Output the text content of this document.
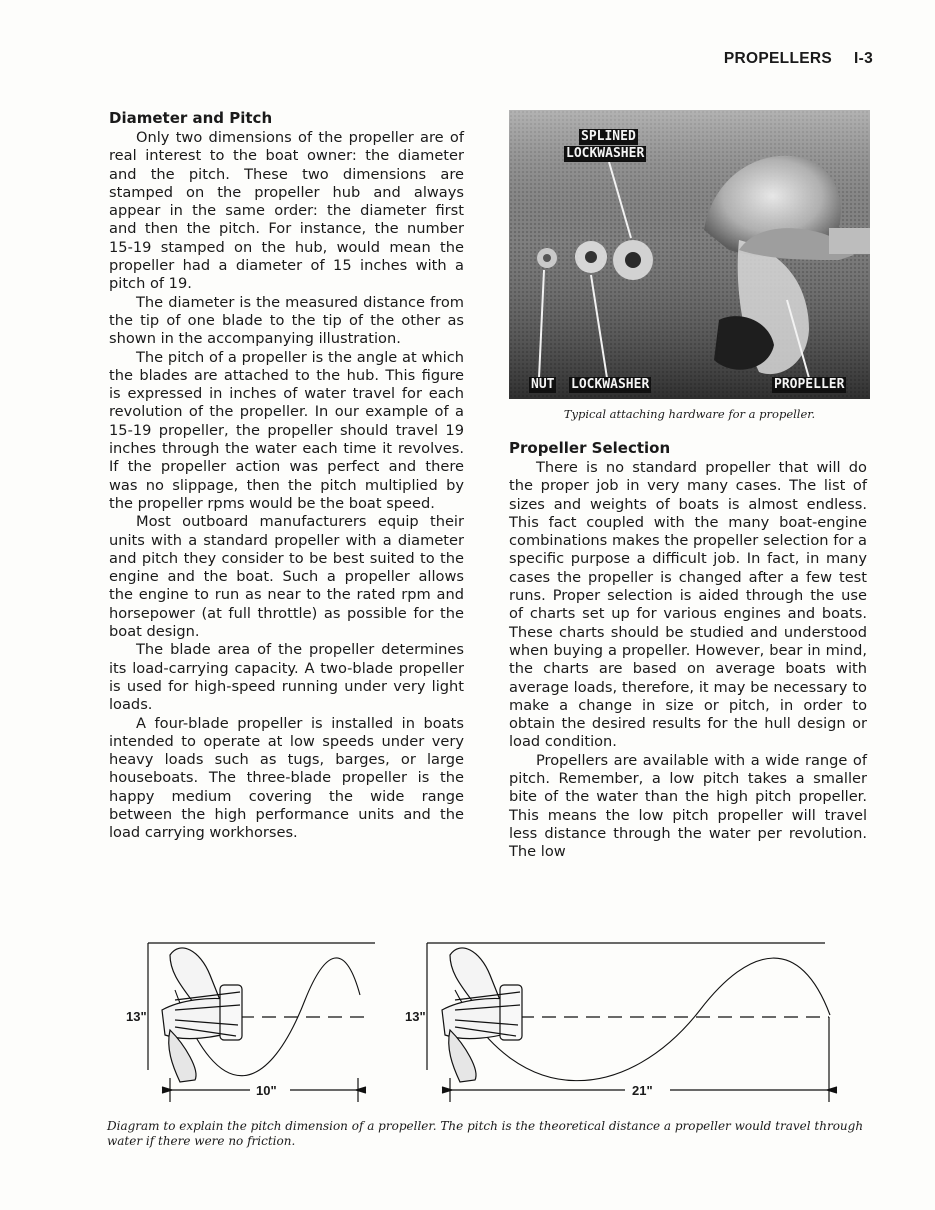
PROPELLERS I-3
Diameter and Pitch

Only two dimensions of the propeller are of real interest to the boat owner: the diameter and the pitch. These two dimensions are stamped on the propeller hub and always appear in the same order: the diameter first and then the pitch. For instance, the number 15-19 stamped on the hub, would mean the propeller had a diameter of 15 inches with a pitch of 19.

The diameter is the measured distance from the tip of one blade to the tip of the other as shown in the accompanying illustration.

The pitch of a propeller is the angle at which the blades are attached to the hub. This figure is expressed in inches of water travel for each revolution of the propeller. In our example of a 15-19 propeller, the propeller should travel 19 inches through the water each time it revolves. If the propeller action was perfect and there was no slippage, then the pitch multiplied by the propeller rpms would be the boat speed.

Most outboard manufacturers equip their units with a standard propeller with a diameter and pitch they consider to be best suited to the engine and the boat. Such a propeller allows the engine to run as near to the rated rpm and horsepower (at full throttle) as possible for the boat design.

The blade area of the propeller determines its load-carrying capacity. A two-blade propeller is used for high-speed running under very light loads.

A four-blade propeller is installed in boats intended to operate at low speeds under very heavy loads such as tugs, barges, or large houseboats. The three-blade propeller is the happy medium covering the wide range between the high performance units and the load carrying workhorses.

SPLINED
LOCKWASHER
NUT LOCKWASHER	PROPELLER
Typical attaching hardware for a propeller.
Propeller Selection

There is no standard propeller that will do the proper job in very many cases. The list of sizes and weights of boats is almost endless. This fact coupled with the many boat-engine combinations makes the propeller selection for a specific purpose a difficult job. In fact, in many cases the propeller is changed after a few test runs. Proper selection is aided through the use of charts set up for various engines and boats. These charts should be studied and understood when buying a propeller. However, bear in mind, the charts are based on average boats with average loads, therefore, it may be necessary to make a change in size or pitch, in order to obtain the desired results for the hull design or load condition.

Propellers are available with a wide range of pitch. Remember, a low pitch takes a smaller bite of the water than the high pitch propeller. This means the low pitch propeller will travel less distance through the water per revolution. The low

13"
10"
13"
21"
Diagram to explain the pitch dimension of a propeller. The pitch is the theoretical distance a propeller would travel through water if there were no friction.
